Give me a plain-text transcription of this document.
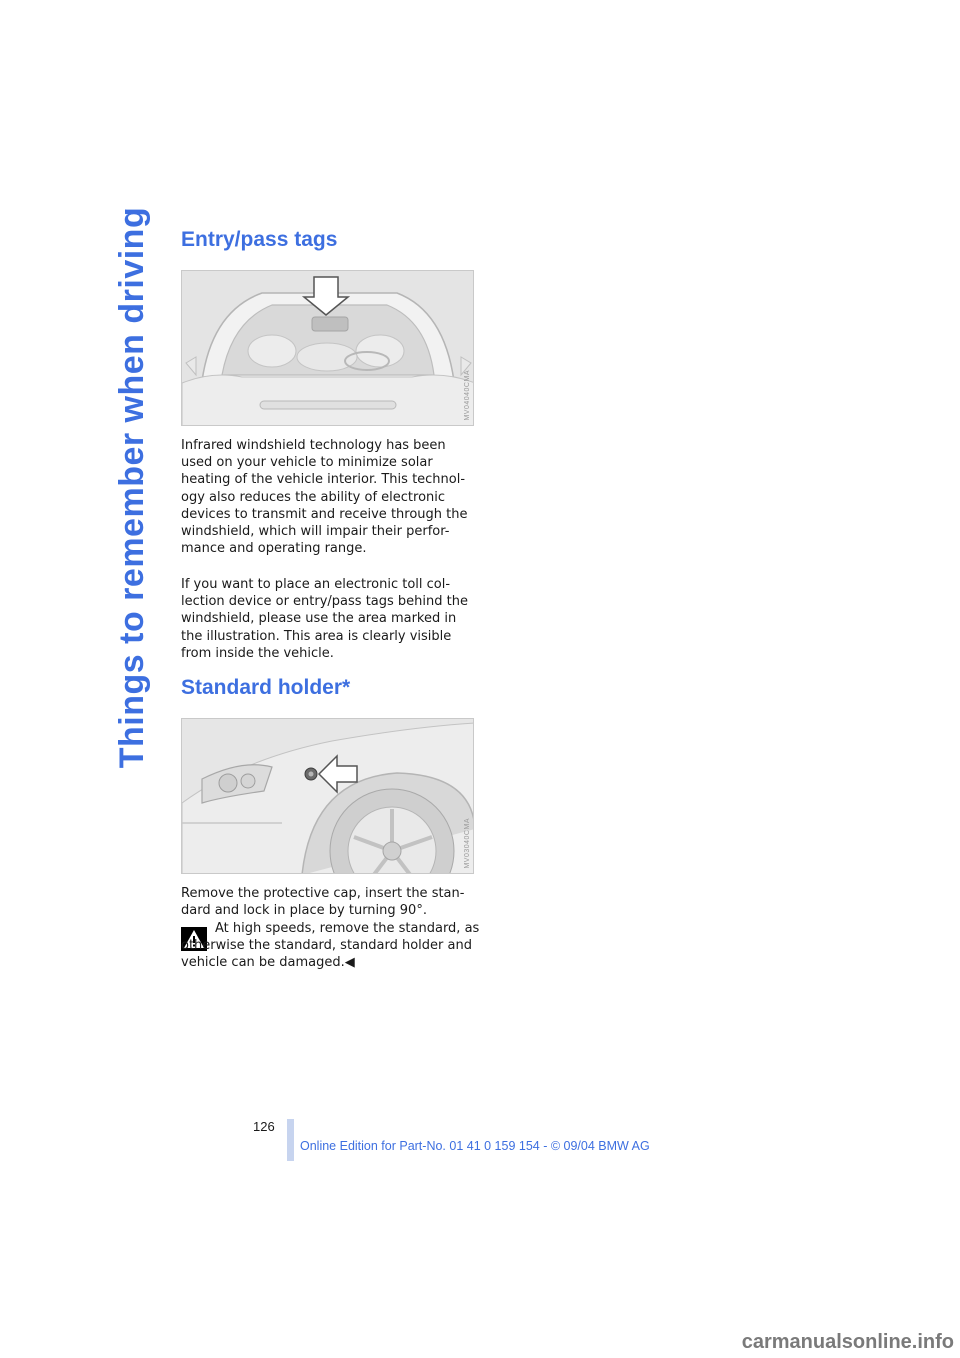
Things to remember when driving Entry/pass tags
MV04040CMA

Infrared windshield technology has been used on your vehicle to minimize solar heating of the vehicle interior. This technol-ogy also reduces the ability of electronic devices to transmit and receive through the windshield, which will impair their perfor-mance and operating range.

If you want to place an electronic toll col-lection device or entry/pass tags behind the windshield, please use the area marked in the illustration. This area is clearly visible from inside the vehicle.

Standard holder*
MV03040CMA

Remove the protective cap, insert the stan-dard and lock in place by turning 90°.

At high speeds, remove the standard, as otherwise the standard, standard holder and vehicle can be damaged.◀

126
Online Edition for Part-No. 01 41 0 159 154 - © 09/04 BMW AG
carmanualsonline.info
